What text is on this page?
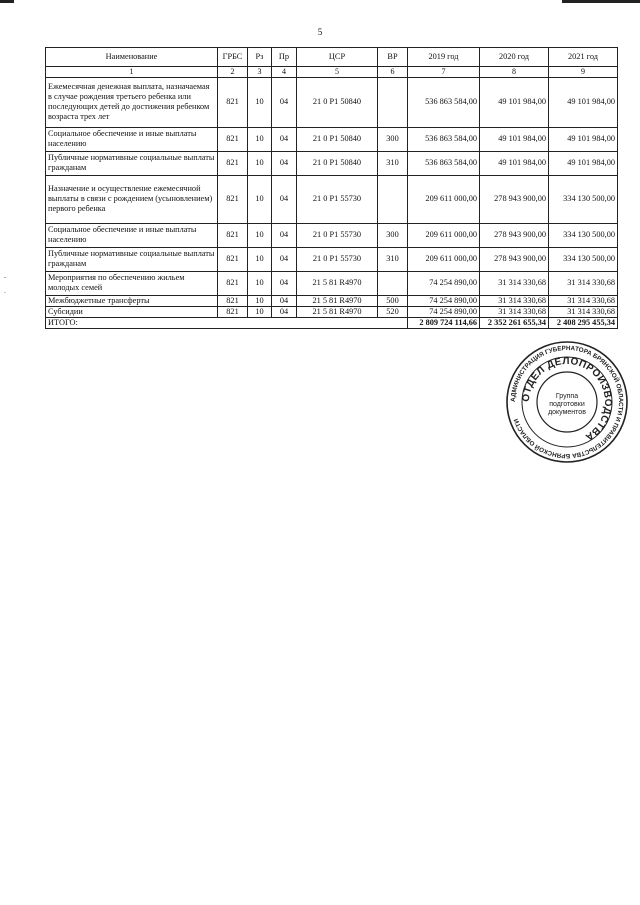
5
-
.
Наименование	ГРБС	Рз	Пр	ЦСР	ВР	2019 год	2020 год	2021 год
1	2	3	4	5	6	7	8	9
Ежемесячная денежная выплата, назначаемая в случае рождения третьего ребенка или последующих детей до достижения ребенком возраста трех лет	821	10	04	21 0 P1 50840		536 863 584,00	49 101 984,00	49 101 984,00
Социальное обеспечение и иные выплаты населению	821	10	04	21 0 P1 50840	300	536 863 584,00	49 101 984,00	49 101 984,00
Публичные нормативные социальные выплаты гражданам	821	10	04	21 0 P1 50840	310	536 863 584,00	49 101 984,00	49 101 984,00
Назначение и осуществление ежемесячной выплаты в связи с рождением (усыновлением) первого ребенка	821	10	04	21 0 P1 55730		209 611 000,00	278 943 900,00	334 130 500,00
Социальное обеспечение и иные выплаты населению	821	10	04	21 0 P1 55730	300	209 611 000,00	278 943 900,00	334 130 500,00
Публичные нормативные социальные выплаты гражданам	821	10	04	21 0 P1 55730	310	209 611 000,00	278 943 900,00	334 130 500,00
Мероприятия по обеспечению жильем молодых семей	821	10	04	21 5 81 R4970		74 254 890,00	31 314 330,68	31 314 330,68
Межбюджетные трансферты	821	10	04	21 5 81 R4970	500	74 254 890,00	31 314 330,68	31 314 330,68
Субсидии	821	10	04	21 5 81 R4970	520	74 254 890,00	31 314 330,68	31 314 330,68
ИТОГО:						2 809 724 114,66	2 352 261 655,34	2 408 295 455,34
АДМИНИСТРАЦИЯ ГУБЕРНАТОРА БРЯНСКОЙ ОБЛАСТИ И ПРАВИТЕЛЬСТВА БРЯНСКОЙ ОБЛАСТИ
ОТДЕЛ ДЕЛОПРОИЗВОДСТВА
Группа
подготовки
документов
